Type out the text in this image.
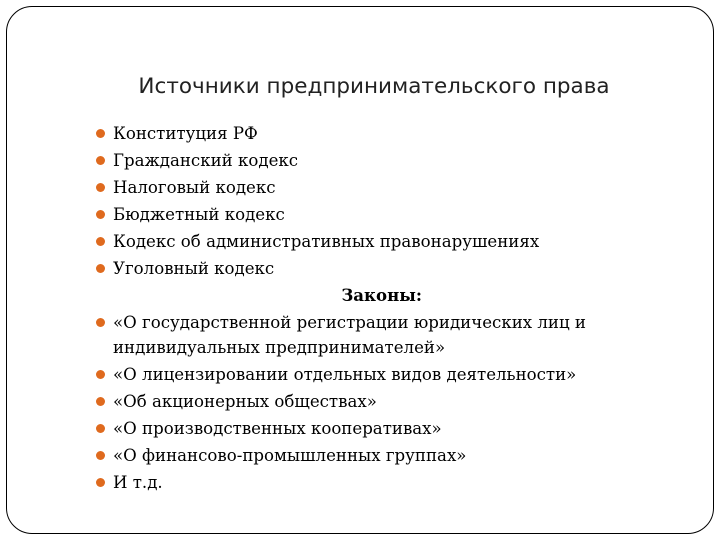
Источники предпринимательского права
Конституция РФ
Гражданский кодекс
Налоговый кодекс
Бюджетный кодекс
Кодекс об административных правонарушениях
Уголовный кодекс
Законы:
«О государственной регистрации юридических лиц и индивидуальных предпринимателей»
«О лицензировании отдельных видов деятельности»
«Об акционерных обществах»
«О производственных кооперативах»
«О финансово-промышленных группах»
И т.д.
